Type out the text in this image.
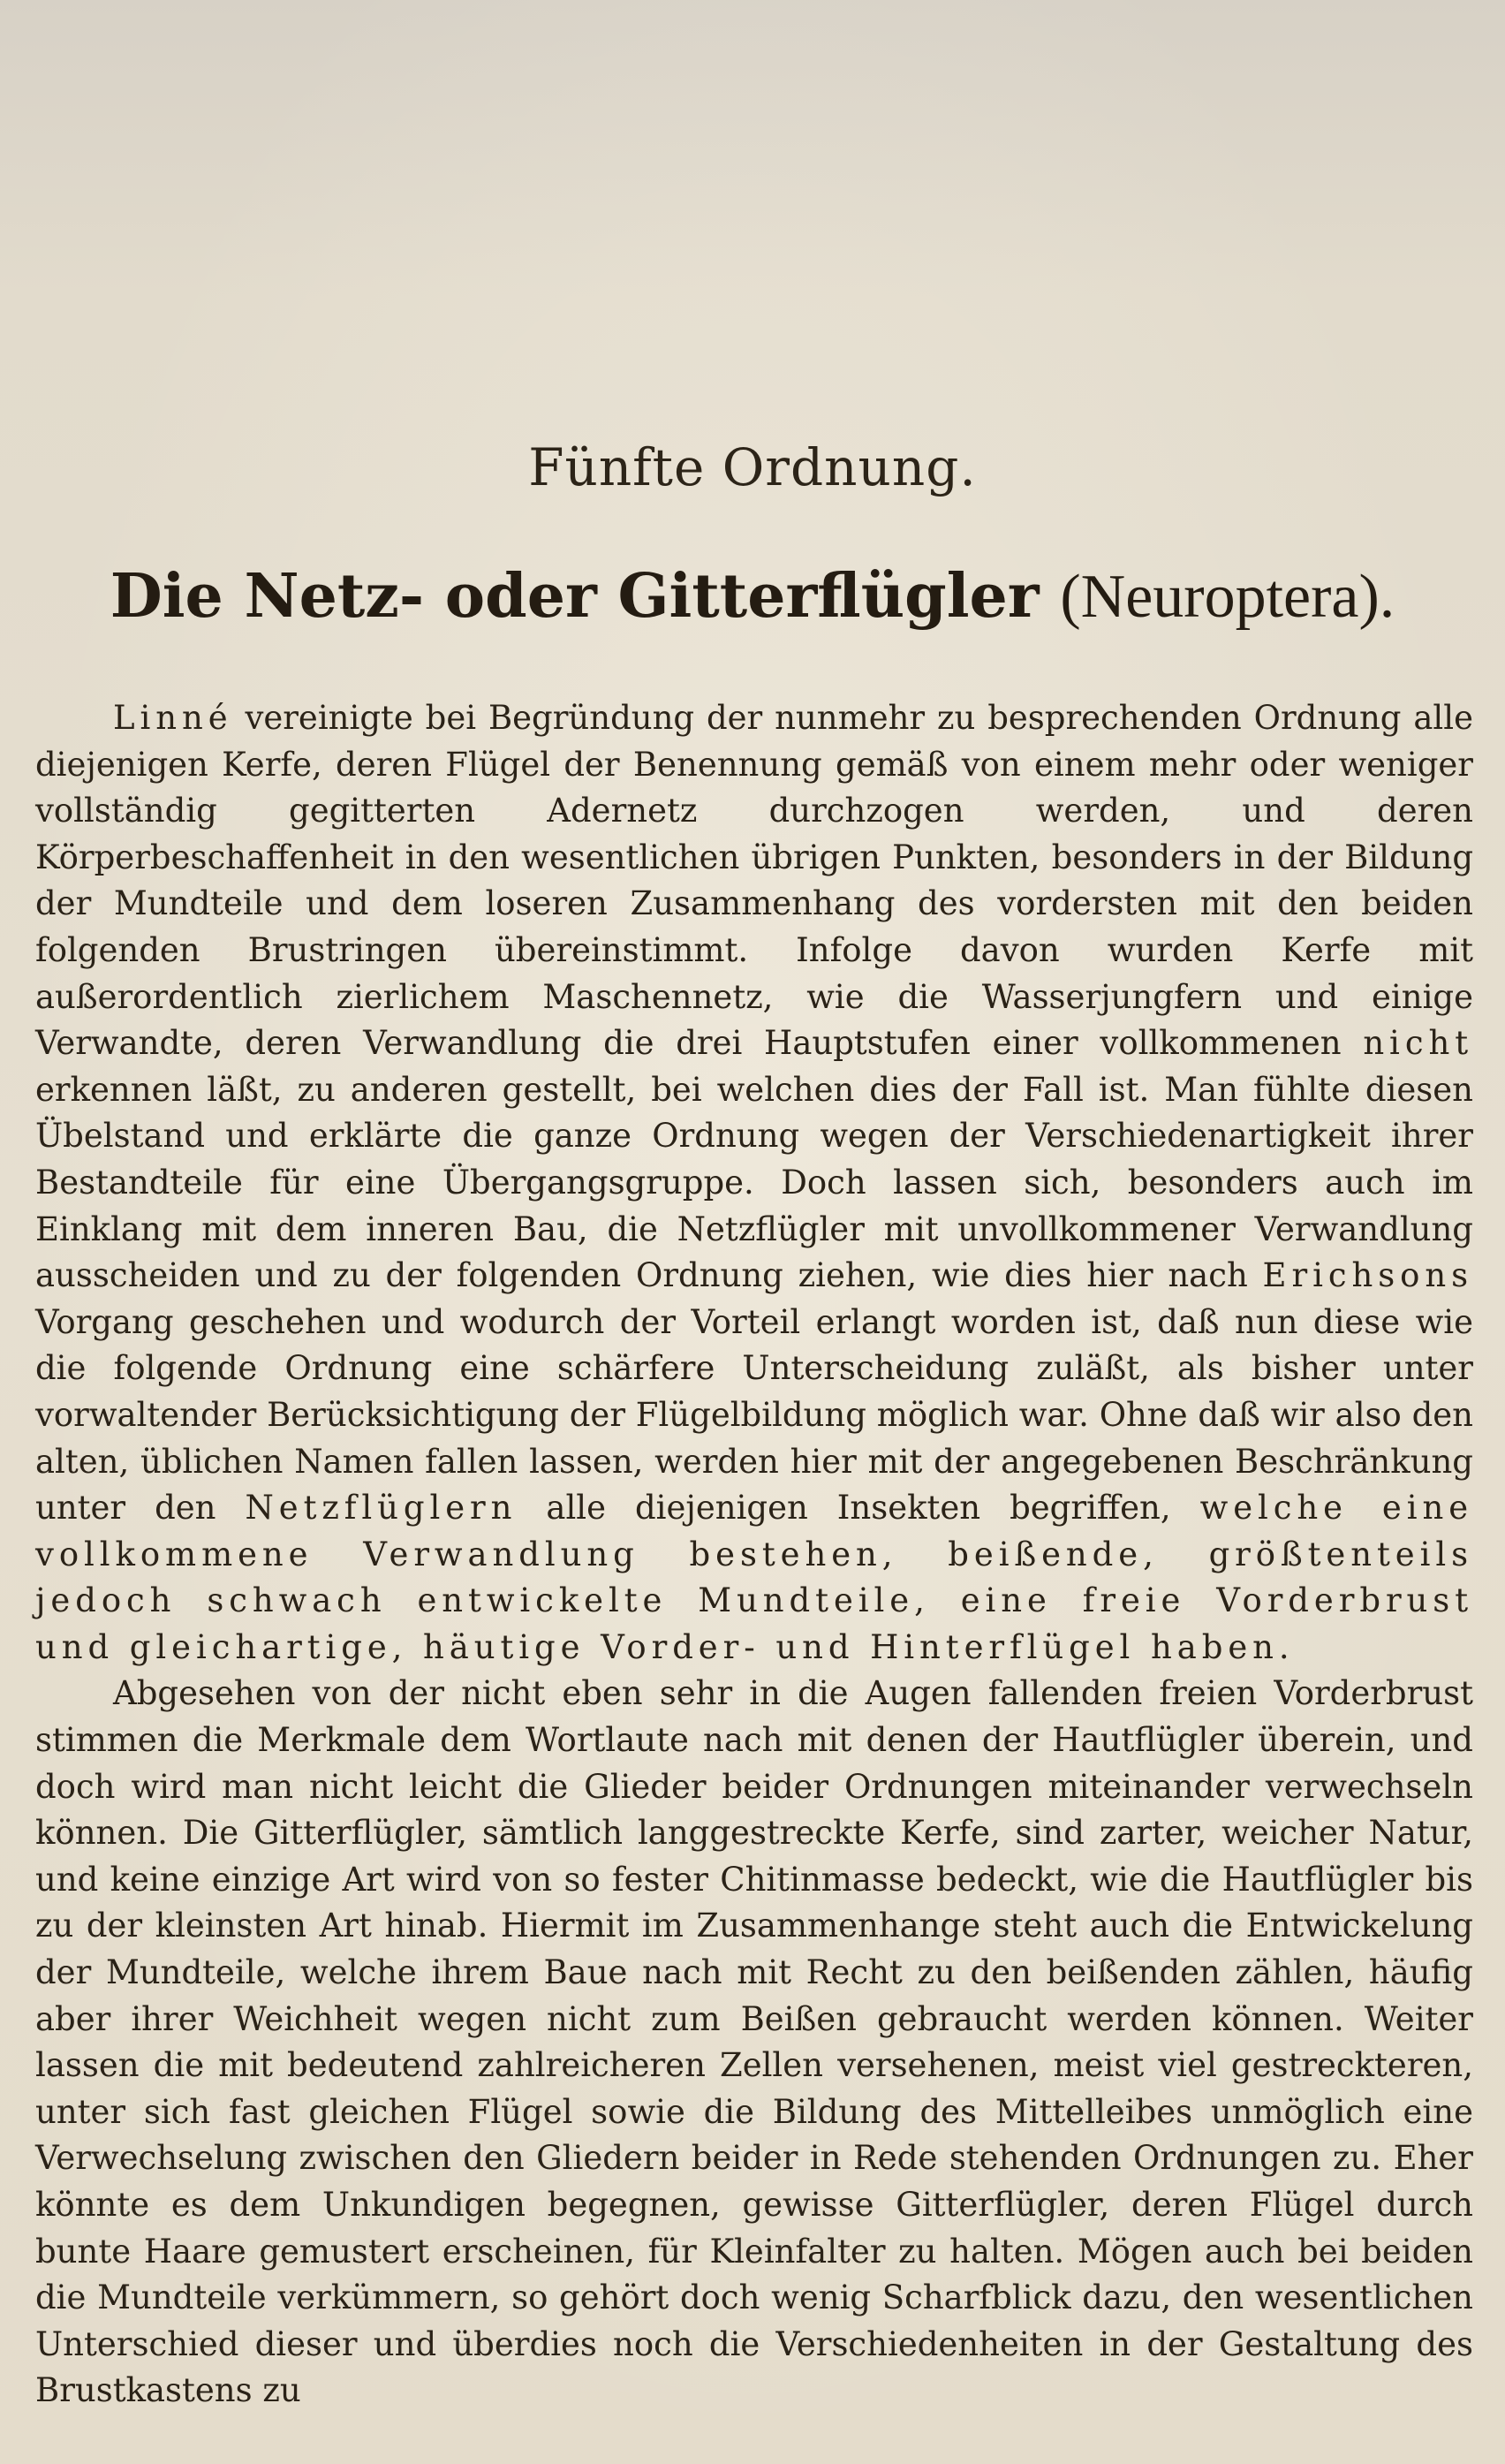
Fünfte Ordnung.
Die Netz- oder Gitterflügler (Neuroptera).

Linné vereinigte bei Begründung der nunmehr zu besprechenden Ordnung alle diejenigen Kerfe, deren Flügel der Benennung gemäß von einem mehr oder weniger vollständig gegitterten Adernetz durchzogen werden, und deren Körperbeschaffenheit in den wesentlichen übrigen Punkten, besonders in der Bildung der Mundteile und dem loseren Zusammenhang des vordersten mit den beiden folgenden Brustringen übereinstimmt. Infolge davon wurden Kerfe mit außerordentlich zierlichem Maschennetz, wie die Wasserjungfern und einige Verwandte, deren Verwandlung die drei Hauptstufen einer vollkommenen nicht erkennen läßt, zu anderen gestellt, bei welchen dies der Fall ist. Man fühlte diesen Übelstand und erklärte die ganze Ordnung wegen der Verschiedenartigkeit ihrer Bestandteile für eine Übergangsgruppe. Doch lassen sich, besonders auch im Einklang mit dem inneren Bau, die Netzflügler mit unvollkommener Verwandlung ausscheiden und zu der folgenden Ordnung ziehen, wie dies hier nach Erichsons Vorgang geschehen und wodurch der Vorteil erlangt worden ist, daß nun diese wie die folgende Ordnung eine schärfere Unterscheidung zuläßt, als bisher unter vorwaltender Berücksichtigung der Flügelbildung möglich war. Ohne daß wir also den alten, üblichen Namen fallen lassen, werden hier mit der angegebenen Beschränkung unter den Netzflüglern alle diejenigen Insekten begriffen, welche eine vollkommene Verwandlung bestehen, beißende, größtenteils jedoch schwach entwickelte Mundteile, eine freie Vorderbrust und gleichartige, häutige Vorder- und Hinterflügel haben.

Abgesehen von der nicht eben sehr in die Augen fallenden freien Vorderbrust stimmen die Merkmale dem Wortlaute nach mit denen der Hautflügler überein, und doch wird man nicht leicht die Glieder beider Ordnungen miteinander verwechseln können. Die Gitterflügler, sämtlich langgestreckte Kerfe, sind zarter, weicher Natur, und keine einzige Art wird von so fester Chitinmasse bedeckt, wie die Hautflügler bis zu der kleinsten Art hinab. Hiermit im Zusammenhange steht auch die Entwickelung der Mundteile, welche ihrem Baue nach mit Recht zu den beißenden zählen, häufig aber ihrer Weichheit wegen nicht zum Beißen gebraucht werden können. Weiter lassen die mit bedeutend zahlreicheren Zellen versehenen, meist viel gestreckteren, unter sich fast gleichen Flügel sowie die Bildung des Mittelleibes unmöglich eine Verwechselung zwischen den Gliedern beider in Rede stehenden Ordnungen zu. Eher könnte es dem Unkundigen begegnen, gewisse Gitterflügler, deren Flügel durch bunte Haare gemustert erscheinen, für Kleinfalter zu halten. Mögen auch bei beiden die Mundteile verkümmern, so gehört doch wenig Scharfblick dazu, den wesentlichen Unterschied dieser und überdies noch die Verschiedenheiten in der Gestaltung des Brustkastens zu
